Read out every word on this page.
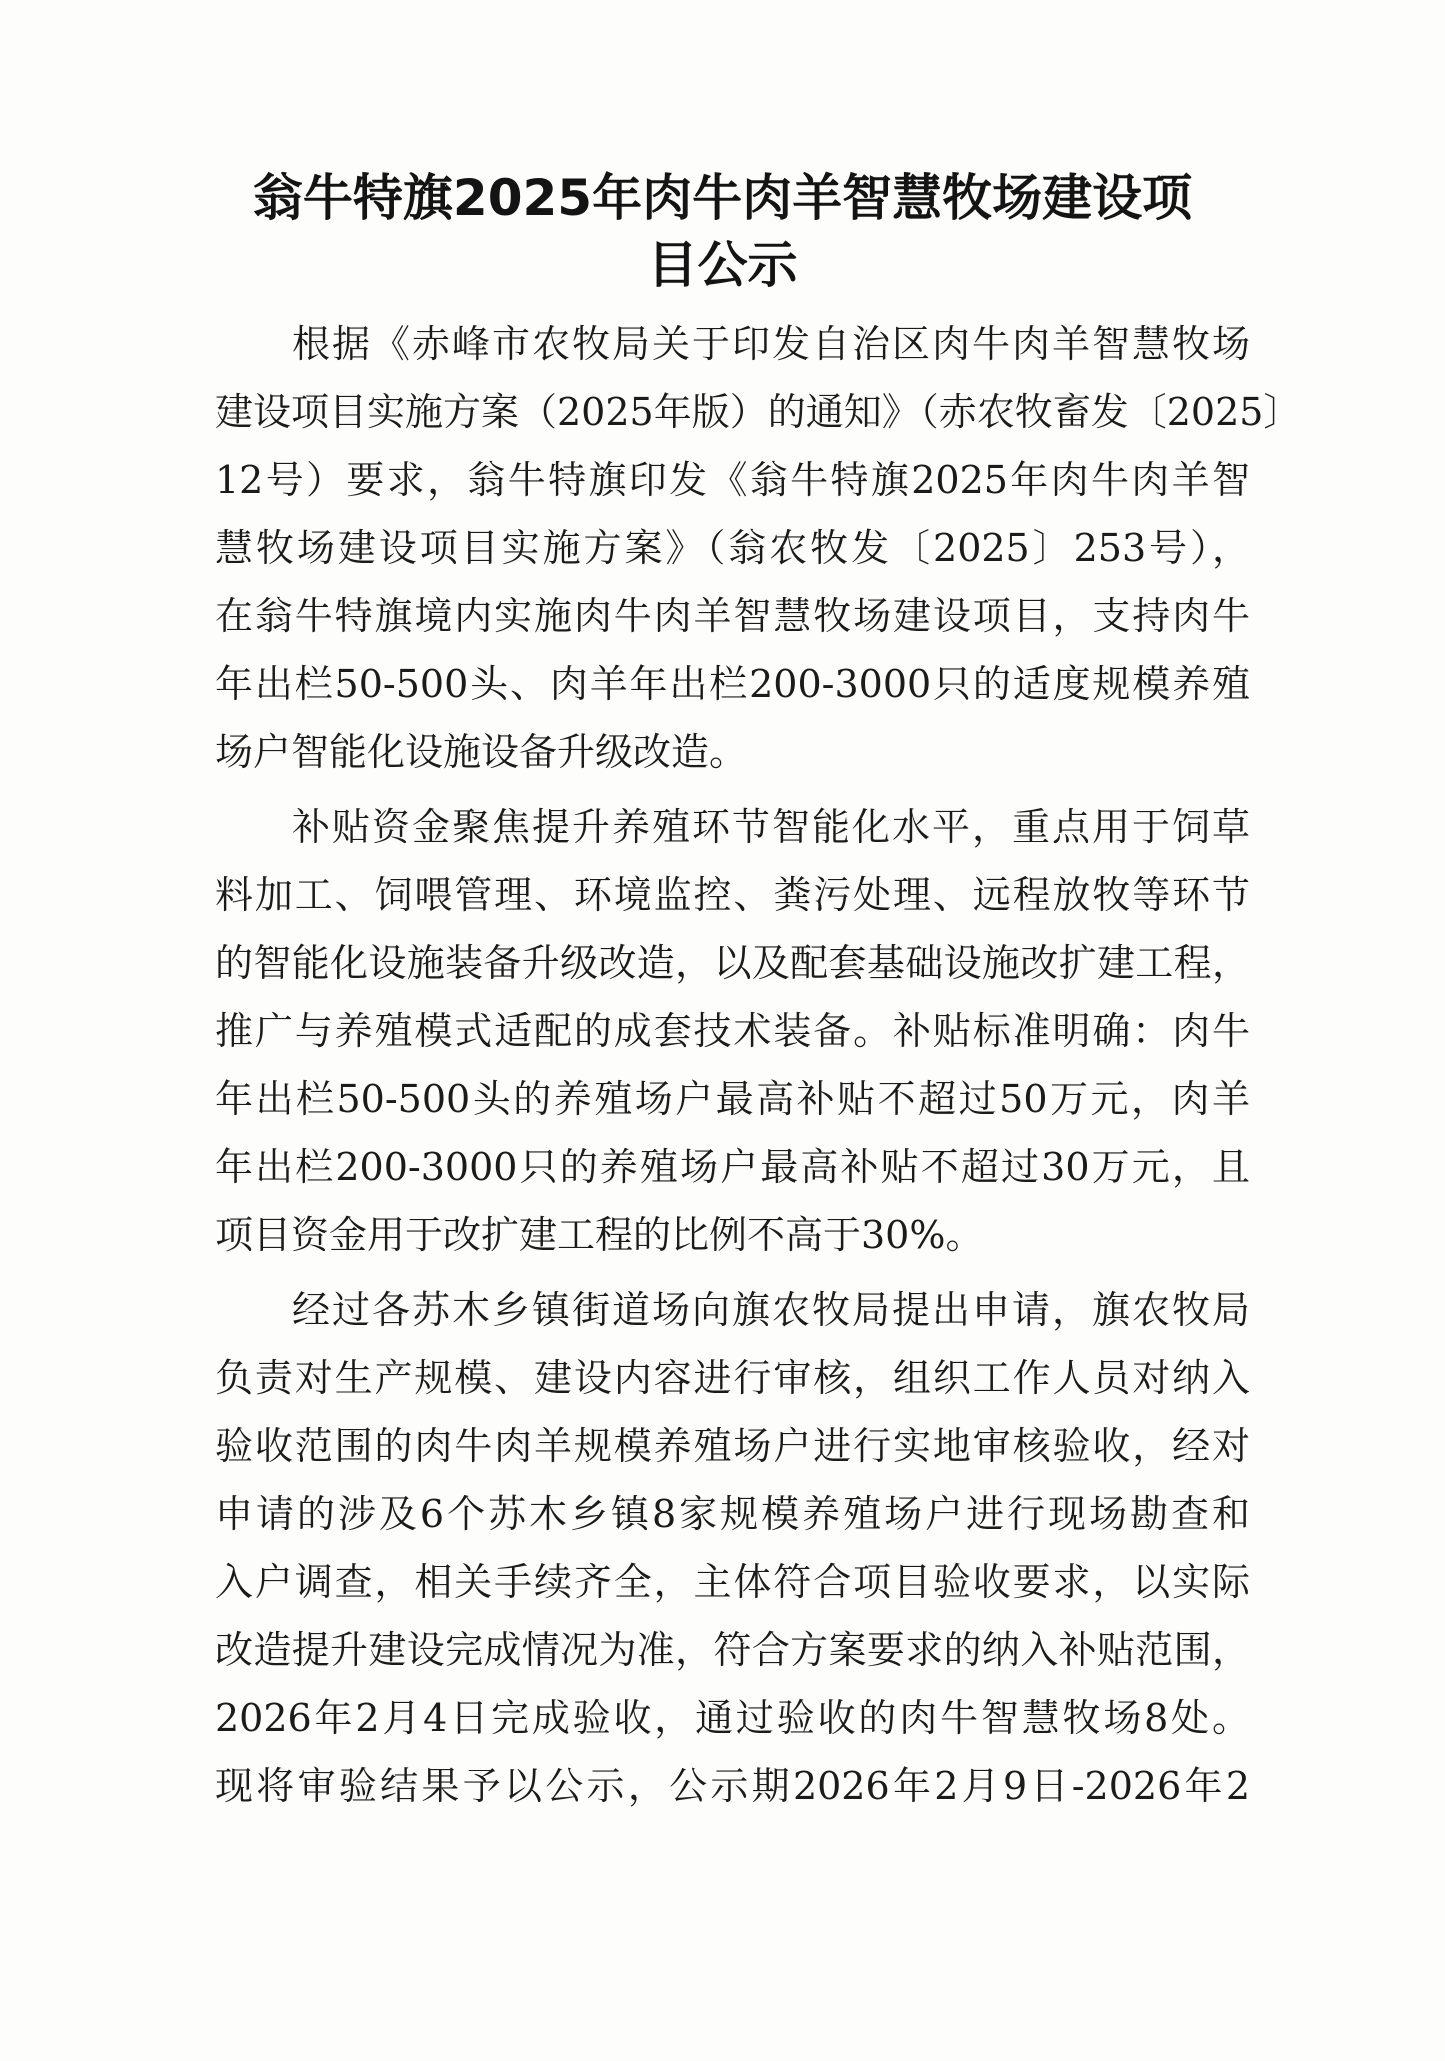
翁牛特旗2025年肉牛肉羊智慧牧场建设项
目公示
根据《赤峰市农牧局关于印发自治区肉牛肉羊智慧牧场
建设项目实施方案（2025年版）的通知》（赤农牧畜发〔2025〕
12号）要求，翁牛特旗印发《翁牛特旗2025年肉牛肉羊智
慧牧场建设项目实施方案》（翁农牧发〔2025〕253号），
在翁牛特旗境内实施肉牛肉羊智慧牧场建设项目，支持肉牛
年出栏50-500头、肉羊年出栏200-3000只的适度规模养殖
场户智能化设施设备升级改造。
补贴资金聚焦提升养殖环节智能化水平，重点用于饲草
料加工、饲喂管理、环境监控、粪污处理、远程放牧等环节
的智能化设施装备升级改造，以及配套基础设施改扩建工程，
推广与养殖模式适配的成套技术装备。补贴标准明确：肉牛
年出栏50-500头的养殖场户最高补贴不超过50万元，肉羊
年出栏200-3000只的养殖场户最高补贴不超过30万元，且
项目资金用于改扩建工程的比例不高于30%。
经过各苏木乡镇街道场向旗农牧局提出申请，旗农牧局
负责对生产规模、建设内容进行审核，组织工作人员对纳入
验收范围的肉牛肉羊规模养殖场户进行实地审核验收，经对
申请的涉及6个苏木乡镇8家规模养殖场户进行现场勘查和
入户调查，相关手续齐全，主体符合项目验收要求，以实际
改造提升建设完成情况为准，符合方案要求的纳入补贴范围，
2026年2月4日完成验收，通过验收的肉牛智慧牧场8处。
现将审验结果予以公示，公示期2026年2月9日-2026年2
